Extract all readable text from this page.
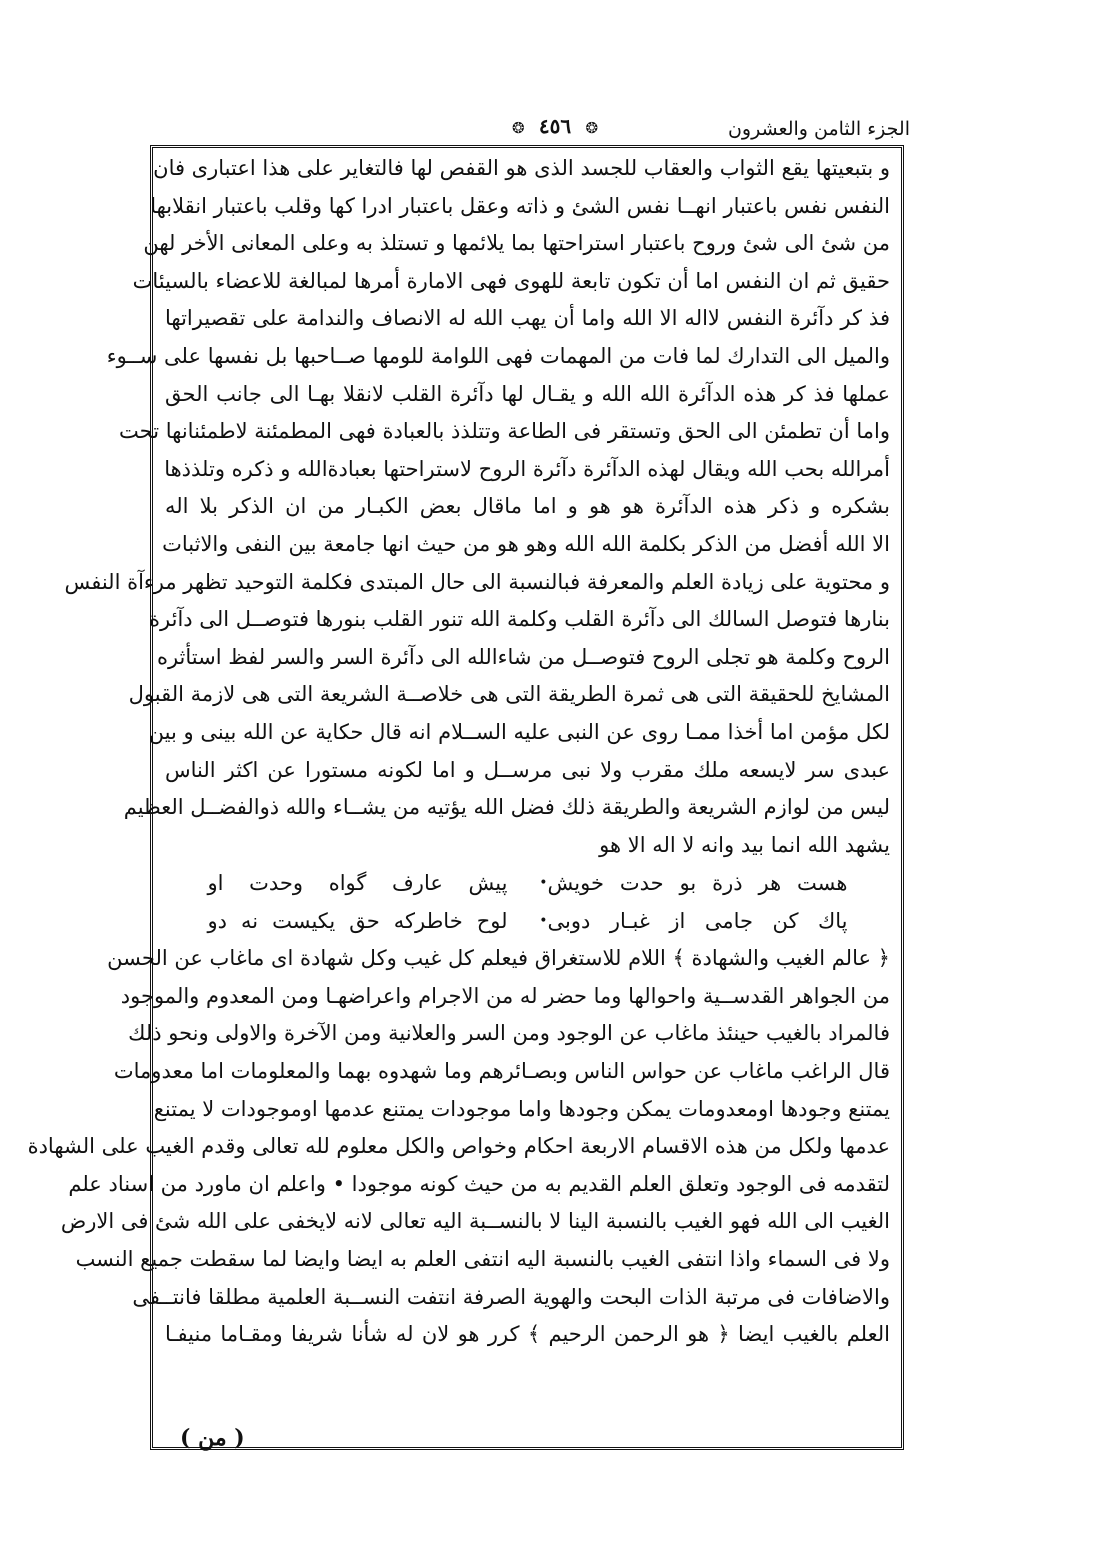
الجزء الثامن والعشرون
❂ ٤٥٦ ❂
و بتبعيتها يقع الثواب والعقاب للجسد الذى هو القفص لها فالتغاير على هذا اعتبارى فان
النفس نفس باعتبار انهــا نفس الشئ و ذاته وعقل باعتبار ادرا كها وقلب باعتبار انقلابها
من شئ الى شئ وروح باعتبار استراحتها بما يلائمها و تستلذ به وعلى المعانى الأخر لهن
حقيق ثم ان النفس اما أن تكون تابعة للهوى فهى الامارة أمرها لمبالغة للاعضاء بالسيئات
فذ كر دآئرة النفس لااله الا الله واما أن يهب الله له الانصاف والندامة على تقصيراتها
والميل الى التدارك لما فات من المهمات فهى اللوامة للومها صــاحبها بل نفسها على ســوء
عملها فذ كر هذه الدآئرة الله الله و يقـال لها دآئرة القلب لانقلا بهـا الى جانب الحق
واما أن تطمئن الى الحق وتستقر فى الطاعة وتتلذذ بالعبادة فهى المطمئنة لاطمئنانها تحت
أمرالله بحب الله ويقال لهذه الدآئرة دآئرة الروح لاستراحتها بعبادةالله و ذكره وتلذذها
بشكره و ذكر هذه الدآئرة هو هو و اما ماقال بعض الكبـار من ان الذكر بلا اله
الا الله أفضل من الذكر بكلمة الله الله وهو هو من حيث انها جامعة بين النفى والاثبات
و محتوية على زيادة العلم والمعرفة فبالنسبة الى حال المبتدى فكلمة التوحيد تظهر مرءآة النفس
بنارها فتوصل السالك الى دآئرة القلب وكلمة الله تنور القلب بنورها فتوصــل الى دآئرة
الروح وكلمة هو تجلى الروح فتوصــل من شاءالله الى دآئرة السر والسر لفظ استأثره
المشايخ للحقيقة التى هى ثمرة الطريقة التى هى خلاصــة الشريعة التى هى لازمة القبول
لكل مؤمن اما أخذا ممـا روى عن النبى عليه الســلام انه قال حكاية عن الله بينى و بين
عبدى سر لايسعه ملك مقرب ولا نبى مرســل و اما لكونه مستورا عن اكثر الناس
ليس من لوازم الشريعة والطريقة ذلك فضل الله يؤتيه من يشــاء والله ذوالفضــل العظيم
يشهد الله انما بيد وانه لا اله الا هو
هست هر ذرة بو حدت خويش
•
پيش عارف گواه وحدت او
پاك كن جامى از غبـار دوبى
•
لوح خاطركه حق يكيست نه دو
﴿ عالم الغيب والشهادة ﴾ اللام للاستغراق فيعلم كل غيب وكل شهادة اى ماغاب عن الحسن
من الجواهر القدســية واحوالها وما حضر له من الاجرام واعراضهـا ومن المعدوم والموجود
فالمراد بالغيب حينئذ ماغاب عن الوجود ومن السر والعلانية ومن الآخرة والاولى ونحو ذلك
قال الراغب ماغاب عن حواس الناس وبصـائرهم وما شهدوه بهما والمعلومات اما معدومات
يمتنع وجودها اومعدومات يمكن وجودها واما موجودات يمتنع عدمها اوموجودات لا يمتنع
عدمها ولكل من هذه الاقسام الاربعة احكام وخواص والكل معلوم لله تعالى وقدم الغيب على الشهادة
لتقدمه فى الوجود وتعلق العلم القديم به من حيث كونه موجودا • واعلم ان ماورد من اسناد علم
الغيب الى الله فهو الغيب بالنسبة الينا لا بالنســبة اليه تعالى لانه لايخفى على الله شئ فى الارض
ولا فى السماء واذا انتفى الغيب بالنسبة اليه انتفى العلم به ايضا وايضا لما سقطت جميع النسب
والاضافات فى مرتبة الذات البحت والهوية الصرفة انتفت النســبة العلمية مطلقا فانتــفى
العلم بالغيب ايضا ﴿ هو الرحمن الرحيم ﴾ كرر هو لان له شأنا شريفا ومقـاما منيفـا
( من )
